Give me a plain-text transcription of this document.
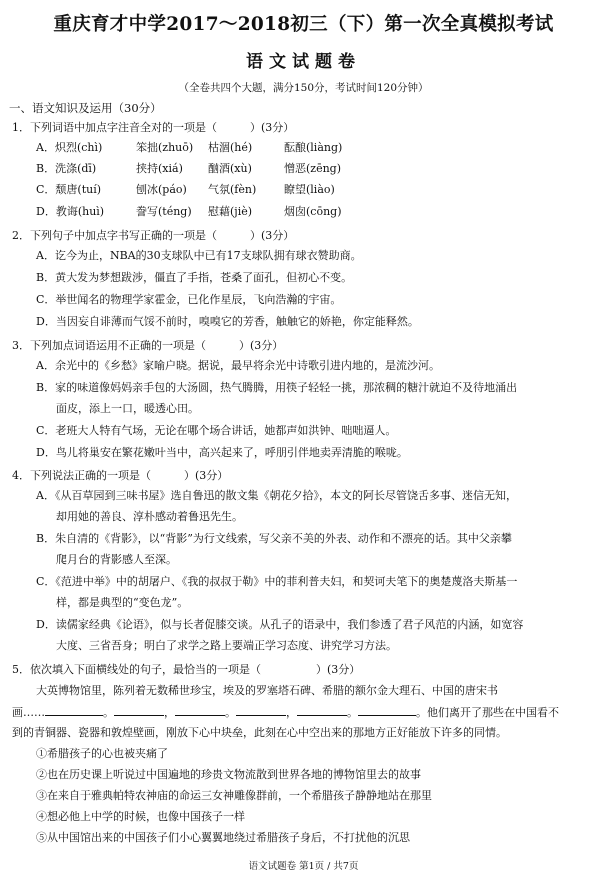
重庆育才中学2017～2018初三（下）第一次全真模拟考试
语文试题卷
（全卷共四个大题，满分150分，考试时间120分钟）
一、语文知识及运用（30分）
1．下列词语中加点字注音全对的一项是（　　　）(3分）
A．炽烈(chì)	笨拙(zhuō) 枯涸(hé)	酝酿(liàng)
B．洗涤(dī)	挟持(xiá) 酗酒(xù)	憎恶(zēng)
C．颓唐(tuí)	刨冰(páo) 气氛(fèn)	瞭望(liào)
D．教诲(huì)	誊写(téng) 慰藉(jiè)	烟囱(cōng)
2．下列句子中加点字书写正确的一项是（　　　）(3分）
A．讫今为止，NBA的30支球队中已有17支球队拥有球衣赞助商。
B．黄大发为梦想跋涉，僵直了手指，苍桑了面孔，但初心不变。
C．举世闻名的物理学家霍金，已化作星辰，飞向浩瀚的宇宙。
D．当因妄自诽薄而气馁不前时，嗅嗅它的芳香，触触它的娇艳，你定能释然。
3．下列加点词语运用不正确的一项是（　　　）(3分）
A．余光中的《乡愁》家喻户晓。据说，最早将余光中诗歌引进内地的，是流沙河。
B．家的味道像妈妈亲手包的大汤圆，热气腾腾，用筷子轻轻一挑，那浓稠的糖汁就迫不及待地涌出
面皮，添上一口，暖透心田。
C．老班大人特有气场，无论在哪个场合讲话，她都声如洪钟、咄咄逼人。
D．鸟儿将巢安在繁花嫩叶当中，高兴起来了，呼朋引伴地卖弄清脆的喉咙。
4．下列说法正确的一项是（　　　）(3分）
A．《从百草园到三味书屋》选自鲁迅的散文集《朝花夕拾》，本文的阿长尽管饶舌多事、迷信无知，
却用她的善良、淳朴感动着鲁迅先生。
B．朱自清的《背影》，以“背影”为行文线索，写父亲不美的外表、动作和不漂亮的话。其中父亲攀
爬月台的背影感人至深。
C．《范进中举》中的胡屠户、《我的叔叔于勒》中的菲利普夫妇，和契诃夫笔下的奥楚蔑洛夫斯基一
样，都是典型的“变色龙”。
D．读儒家经典《论语》，似与长者促膝交谈。从孔子的语录中，我们参透了君子风范的内涵，如宽容
大度、三省吾身；明白了求学之路上要端正学习态度、讲究学习方法。
5．依次填入下面横线处的句子，最恰当的一项是（　　　　　）(3分）
大英博物馆里，陈列着无数稀世珍宝，埃及的罗塞塔石碑、希腊的额尔金大理石、中国的唐宋书
画……	。	，	。	，	。	。他们离开了那些在中国看不
到的青铜器、瓷器和敦煌壁画，刚放下心中块垒，此刻在心中空出来的那地方正好能放下许多的同情。
①希腊孩子的心也被夹痛了
②也在历史课上听说过中国遍地的珍贵文物流散到世界各地的博物馆里去的故事
③在来自于雅典帕特农神庙的命运三女神雕像群前，一个希腊孩子静静地站在那里
④想必他上中学的时候，也像中国孩子一样
⑤从中国馆出来的中国孩子们小心翼翼地绕过希腊孩子身后，不打扰他的沉思
语文试题卷 第1页 / 共7页
